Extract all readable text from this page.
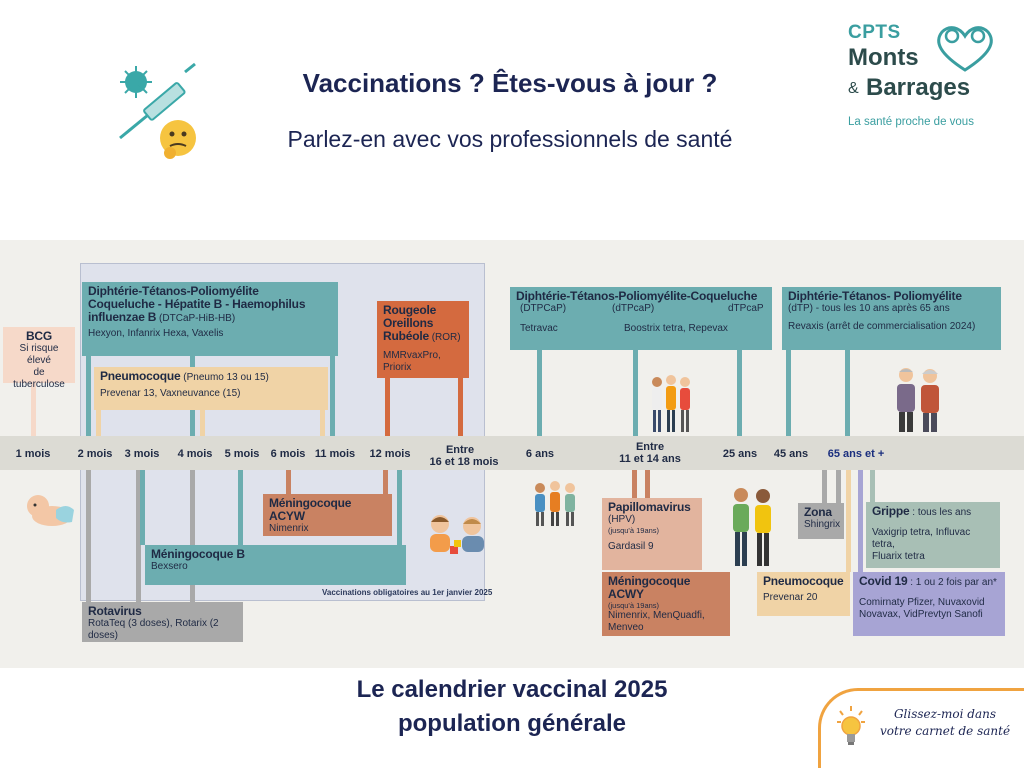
Vaccinations ? Êtes-vous à jour ?
Parlez-en avec vos professionnels de santé
CPTS
Monts
& Barrages
La santé proche de vous
Vaccinations obligatoires au 1er janvier 2025
1 mois	2 mois	3 mois	4 mois	5 mois	6 mois 11 mois	12 mois	Entre
16 et 18 mois
6 ans
Entre
11 et 14 ans	25 ans	45 ans	65 ans et +
BCG
Si risque élevé
de tuberculose
Diphtérie-Tétanos-Poliomyélite
Coqueluche - Hépatite B - Haemophilus
influenzae B (DTCaP-HiB-HB)
Hexyon, Infanrix Hexa, Vaxelis
Pneumocoque (Pneumo 13 ou 15)
Prevenar 13, Vaxneuvance (15)
Rougeole
Oreillons
Rubéole (ROR)
MMRvaxPro, Priorix
Diphtérie-Tétanos-Poliomyélite-Coqueluche
(DTPCaP)	(dTPcaP)	dTPcaP
Tetravac	Boostrix tetra, Repevax
Diphtérie-Tétanos- Poliomyélite
(dTP) - tous les 10 ans après 65 ans
Revaxis (arrêt de commercialisation 2024)
Méningocoque ACYW
Nimenrix
Méningocoque B
Bexsero
Rotavirus
RotaTeq (3 doses), Rotarix (2 doses)
Papillomavirus
(HPV)
(jusqu'à 19ans)
Gardasil 9
Méningocoque ACWY
(jusqu'à 19ans)
Nimenrix, MenQuadfi,
Menveo
Zona
Shingrix
Pneumocoque
Prevenar 20
Grippe : tous les ans
Vaxigrip tetra, Influvac tetra,
Fluarix tetra
Covid 19 : 1 ou 2 fois par an*
Comirnaty Pfizer, Nuvaxovid
Novavax, VidPrevtyn Sanofi
Le calendrier vaccinal 2025
population générale	Glissez-moi dans
votre carnet de santé
